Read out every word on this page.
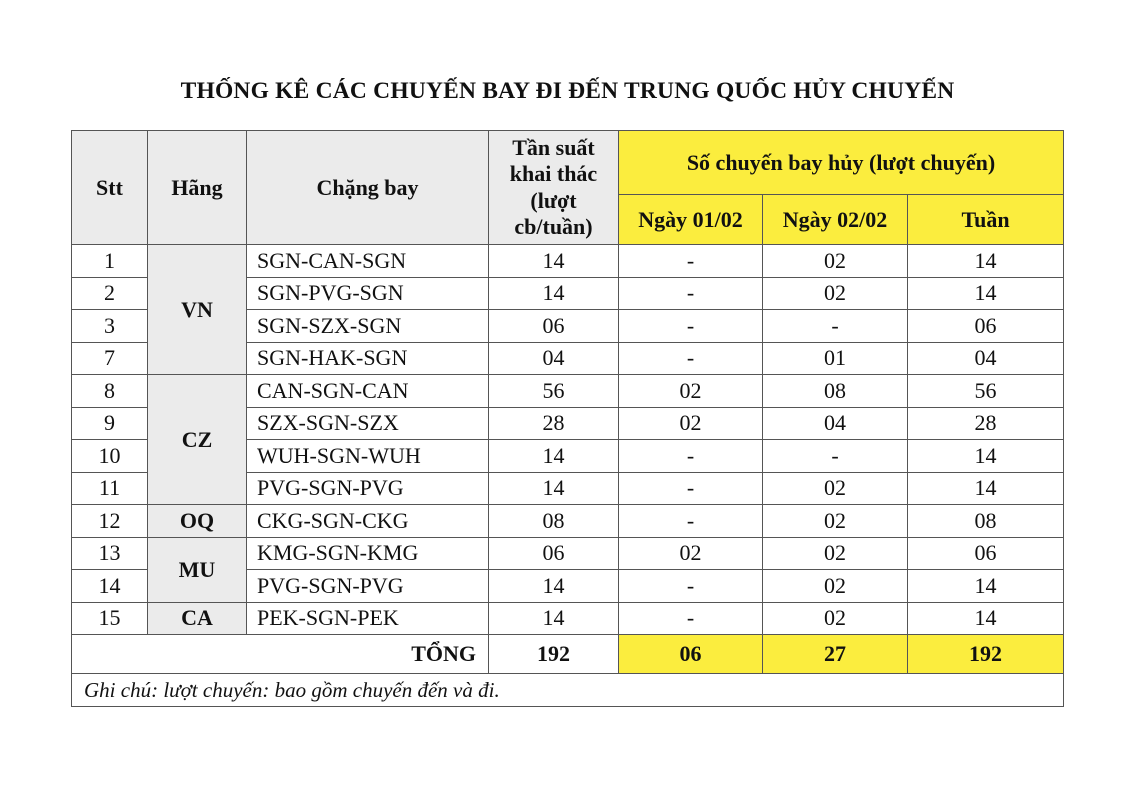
THỐNG KÊ CÁC CHUYẾN BAY ĐI ĐẾN TRUNG QUỐC HỦY CHUYẾN
Stt	Hãng	Chặng bay	Tần suất
khai thác
(lượt
cb/tuần)	Số chuyến bay hủy (lượt chuyến)		
				Ngày 01/02	Ngày 02/02	Tuần
1	VN	SGN-CAN-SGN	14	-	02	14
2		SGN-PVG-SGN	14	-	02	14
3		SGN-SZX-SGN	06	-	-	06
7		SGN-HAK-SGN	04	-	01	04
8	CZ	CAN-SGN-CAN	56	02	08	56
9		SZX-SGN-SZX	28	02	04	28
10		WUH-SGN-WUH	14	-	-	14
11		PVG-SGN-PVG	14	-	02	14
12	OQ	CKG-SGN-CKG	08	-	02	08
13	MU	KMG-SGN-KMG	06	02	02	06
14		PVG-SGN-PVG	14	-	02	14
15	CA	PEK-SGN-PEK	14	-	02	14
TỔNG			192	06	27	192
Ghi chú: lượt chuyến: bao gồm chuyến đến và đi.						
